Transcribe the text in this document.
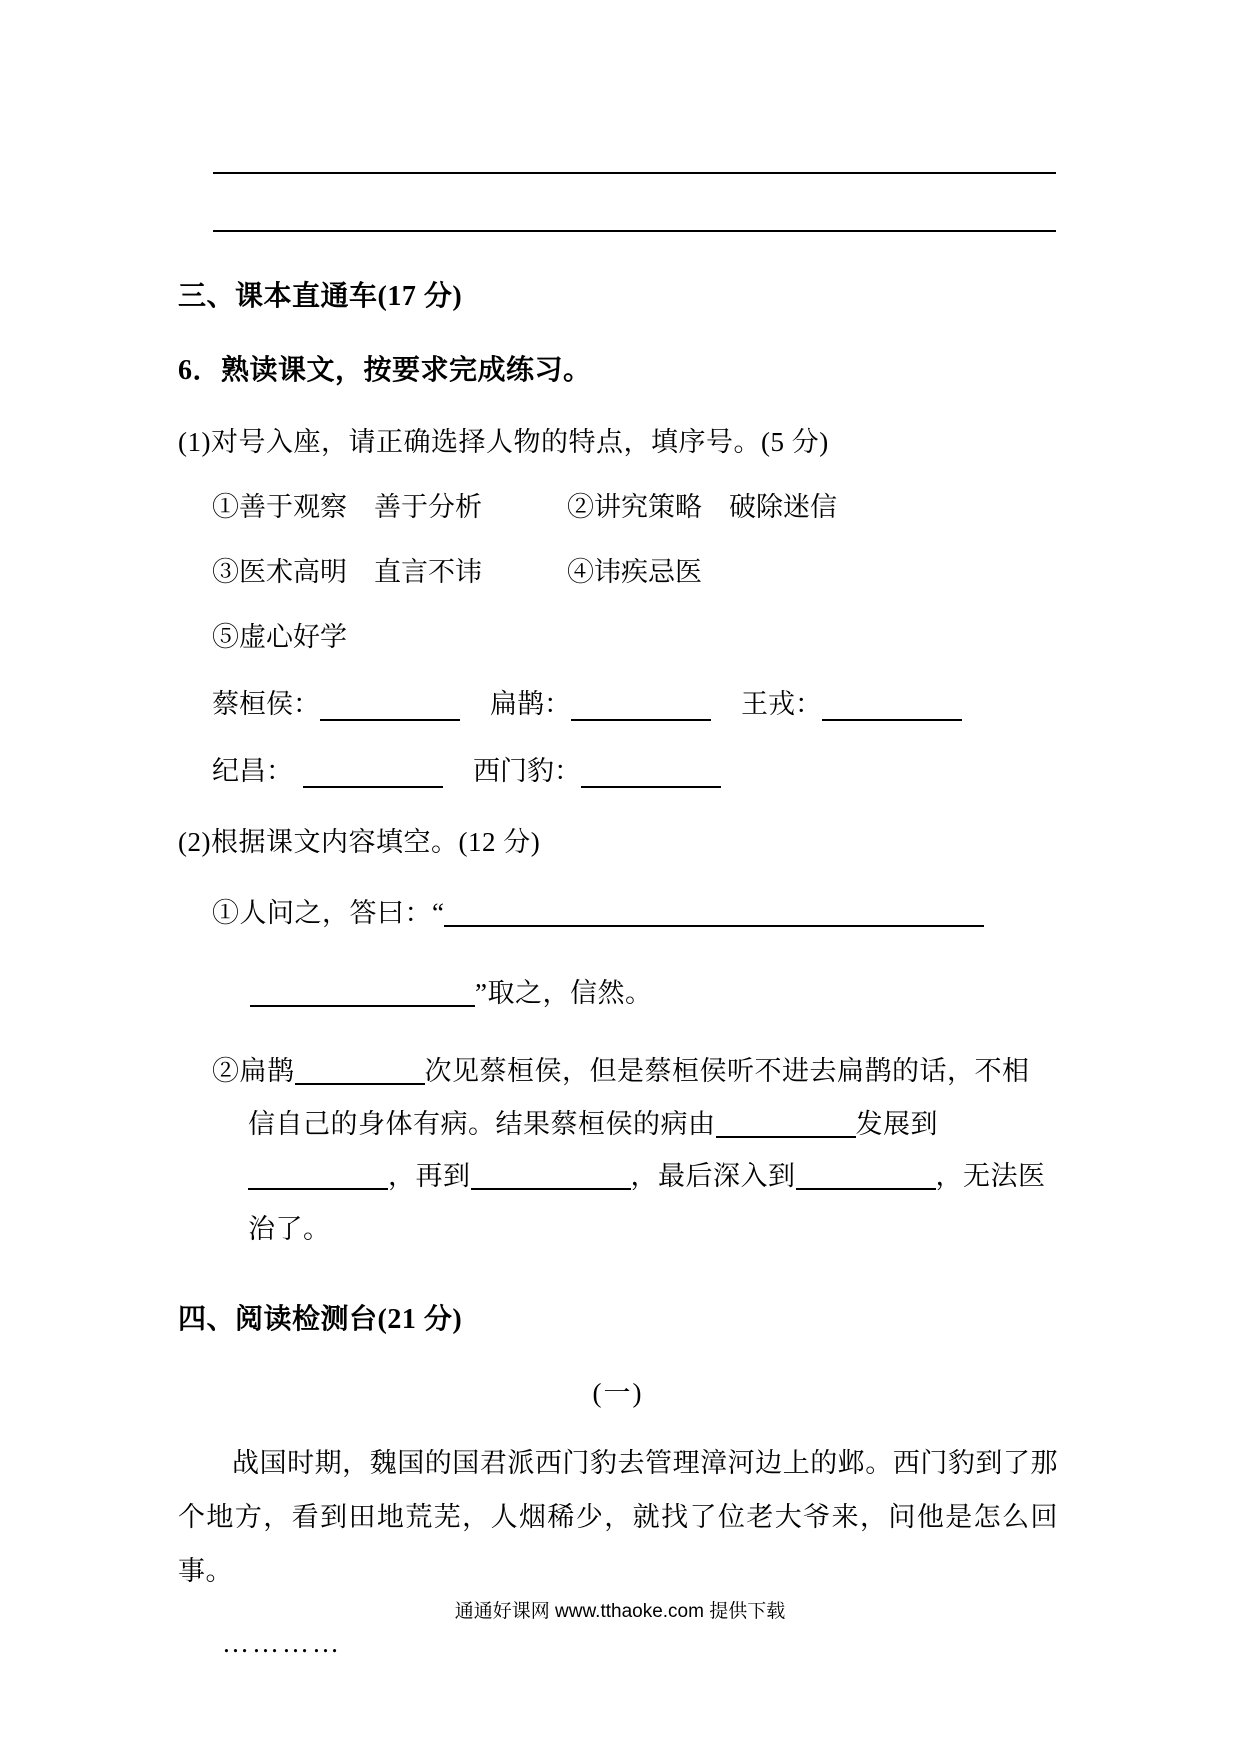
三、课本直通车(17 分)
6．熟读课文，按要求完成练习。
(1)对号入座，请正确选择人物的特点，填序号。(5 分)
①善于观察　善于分析	②讲究策略　破除迷信
③医术高明　直言不讳	④讳疾忌医
⑤虚心好学
蔡桓侯：	扁鹊：	王戎：
纪昌：	西门豹：
(2)根据课文内容填空。(12 分)
①人问之，答曰：“
”取之，信然。
②扁鹊	次见蔡桓侯，但是蔡桓侯听不进去扁鹊的话，不相
信自己的身体有病。结果蔡桓侯的病由	发展到
，再到	，最后深入到	，无法医治了。
四、阅读检测台(21 分)
(一)
战国时期，魏国的国君派西门豹去管理漳河边上的邺。西门豹到了那个地方，看到田地荒芜，人烟稀少，就找了位老大爷来，问他是怎么回事。
…………
通通好课网 www.tthaoke.com 提供下载
